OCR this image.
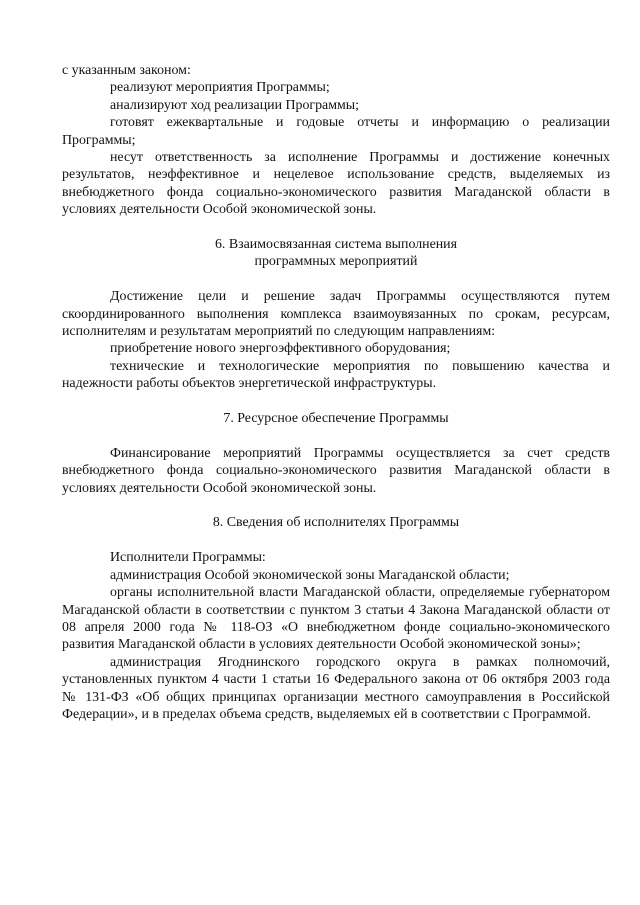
с указанным законом:

реализуют мероприятия Программы;

анализируют ход реализации Программы;

готовят ежеквартальные и годовые отчеты и информацию о реализации Программы;

несут ответственность за исполнение Программы и достижение конечных результатов, неэффективное и нецелевое использование средств, выделяемых из внебюджетного фонда социально-экономического развития Магаданской области в условиях деятельности Особой экономической зоны.

6. Взаимосвязанная система выполнения

программных мероприятий

Достижение цели и решение задач Программы осуществляются путем скоординированного выполнения комплекса взаимоувязанных по срокам, ресурсам, исполнителям и результатам мероприятий по следующим направлениям:

приобретение нового энергоэффективного оборудования;

технические и технологические мероприятия по повышению качества и надежности работы объектов энергетической инфраструктуры.

7. Ресурсное обеспечение Программы

Финансирование мероприятий Программы осуществляется за счет средств внебюджетного фонда социально-экономического развития Магаданской области в условиях деятельности Особой экономической зоны.

8. Сведения об исполнителях Программы

Исполнители Программы:

администрация Особой экономической зоны Магаданской области;

органы исполнительной власти Магаданской области, определяемые губернатором Магаданской области в соответствии с пунктом 3 статьи 4 Закона Магаданской области от 08 апреля 2000 года № 118-ОЗ «О внебюджетном фонде социально-экономического развития Магаданской области в условиях деятельности Особой экономической зоны»;

администрация Ягоднинского городского округа в рамках полномочий, установленных пунктом 4 части 1 статьи 16 Федерального закона от 06 октября 2003 года № 131-ФЗ «Об общих принципах организации местного самоуправления в Российской Федерации», и в пределах объема средств, выделяемых ей в соответствии с Программой.
